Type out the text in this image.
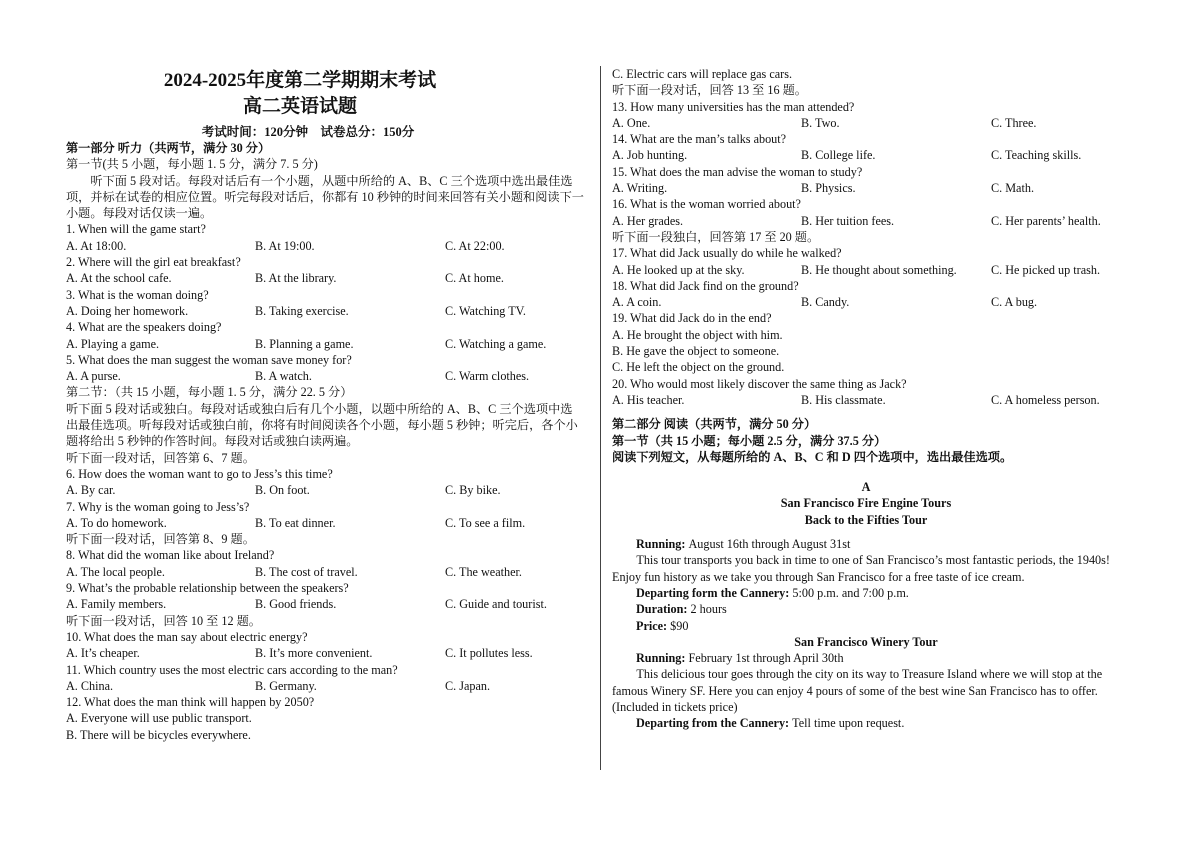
2024-2025年度第二学期期末考试
高二英语试题
考试时间：120分钟　试卷总分：150分
第一部分 听力（共两节，满分 30 分）
第一节(共 5 小题，每小题 1. 5 分，满分 7. 5 分)
听下面 5 段对话。每段对话后有一个小题，从题中所给的 A、B、C 三个选项中选出最佳选项，并标在试卷的相应位置。听完每段对话后，你都有 10 秒钟的时间来回答有关小题和阅读下一小题。每段对话仅读一遍。
1. When will the game start?
A. At 18:00.	B. At 19:00.	C. At 22:00.
2. Where will the girl eat breakfast?
A. At the school cafe.	B. At the library.	C. At home.
3. What is the woman doing?
A. Doing her homework.	B. Taking exercise.	C. Watching TV.
4. What are the speakers doing?
A. Playing a game.	B. Planning a game.	C. Watching a game.
5. What does the man suggest the woman save money for?
A. A purse.	B. A watch.	C. Warm clothes.
第二节：（共 15 小题，每小题 1. 5 分，满分 22. 5 分）
听下面 5 段对话或独白。每段对话或独白后有几个小题，以题中所给的 A、B、C 三个选项中选
出最佳选项。听每段对话或独白前，你将有时间阅读各个小题，每小题 5 秒钟；听完后，各个小题将给出 5 秒钟的作答时间。每段对话或独白读两遍。
听下面一段对话，回答第 6、7 题。
6. How does the woman want to go to Jess’s this time?
A. By car.	B. On foot.	C. By bike.
7. Why is the woman going to Jess’s?
A. To do homework.	B. To eat dinner.	C. To see a film.
听下面一段对话，回答第 8、9 题。
8. What did the woman like about Ireland?
A. The local people.	B. The cost of travel.	C. The weather.
9. What’s the probable relationship between the speakers?
A. Family members.	B. Good friends.	C. Guide and tourist.
听下面一段对话，回答 10 至 12 题。
10. What does the man say about electric energy?
A. It’s cheaper.	B. It’s more convenient.	C. It pollutes less.
11. Which country uses the most electric cars according to the man?
A. China.	B. Germany.	C. Japan.
12. What does the man think will happen by 2050?
A. Everyone will use public transport.
B. There will be bicycles everywhere.
C. Electric cars will replace gas cars.
听下面一段对话，回答 13 至 16 题。
13. How many universities has the man attended?
A. One.	B. Two.	C. Three.
14. What are the man’s talks about?
A. Job hunting.	B. College life.	C. Teaching skills.
15. What does the man advise the woman to study?
A. Writing.	B. Physics.	C. Math.
16. What is the woman worried about?
A. Her grades.	B. Her tuition fees.	C. Her parents’ health.
听下面一段独白，回答第 17 至 20 题。
17. What did Jack usually do while he walked?
A. He looked up at the sky.	B. He thought about something.	C. He picked up trash.
18. What did Jack find on the ground?
A. A coin.	B. Candy.	C. A bug.
19. What did Jack do in the end?
A. He brought the object with him.
B. He gave the object to someone.
C. He left the object on the ground.
20. Who would most likely discover the same thing as Jack?
A. His teacher.	B. His classmate.	C. A homeless person.
第二部分 阅读（共两节，满分 50 分）
第一节（共 15 小题；每小题 2.5 分，满分 37.5 分）
阅读下列短文，从每题所给的 A、B、C 和 D 四个选项中，选出最佳选项。
A
San Francisco Fire Engine Tours
Back to the Fifties Tour
Running: August 16th through August 31st
This tour transports you back in time to one of San Francisco’s most fantastic periods, the 1940s! Enjoy fun history as we take you through San Francisco for a free taste of ice cream.
Departing form the Cannery: 5:00 p.m. and 7:00 p.m.
Duration: 2 hours
Price: $90
San Francisco Winery Tour
Running: February 1st through April 30th
This delicious tour goes through the city on its way to Treasure Island where we will stop at the famous Winery SF. Here you can enjoy 4 pours of some of the best wine San Francisco has to offer. (Included in tickets price)
Departing from the Cannery: Tell time upon request.
